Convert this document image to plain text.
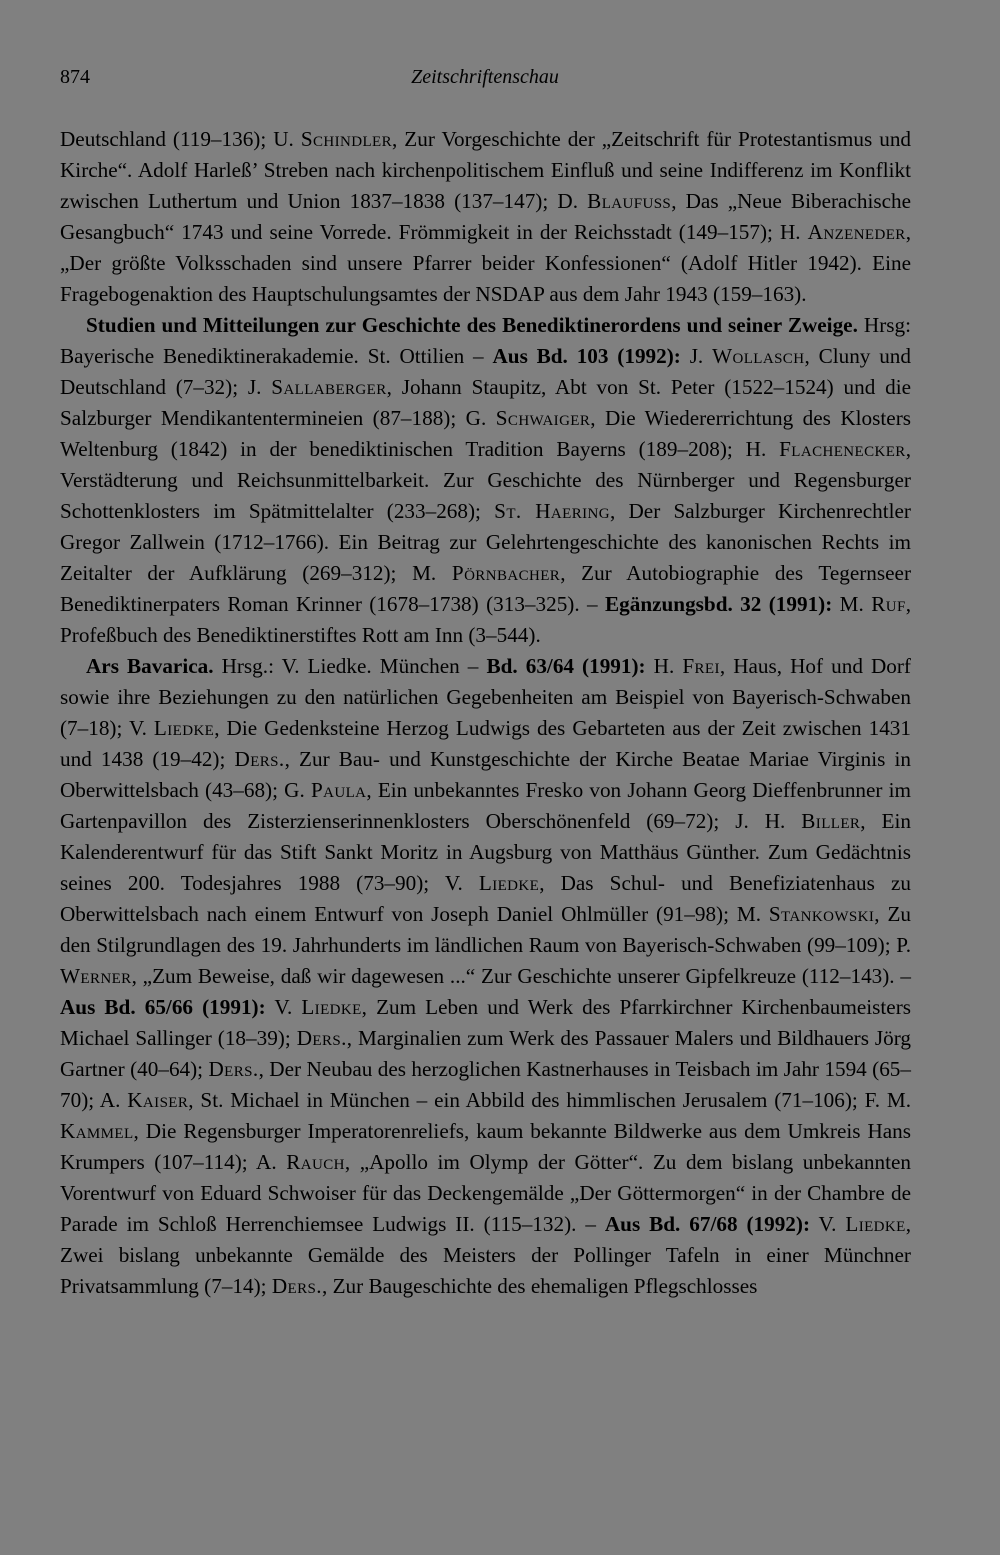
874	Zeitschriftenschau

Deutschland (119–136); U. Schindler, Zur Vorgeschichte der „Zeitschrift für Protestantismus und Kirche“. Adolf Harleß’ Streben nach kirchenpolitischem Einfluß und seine Indifferenz im Konflikt zwischen Luthertum und Union 1837–1838 (137–147); D. Blaufuss, Das „Neue Biberachische Gesangbuch“ 1743 und seine Vorrede. Frömmigkeit in der Reichsstadt (149–157); H. Anzeneder, „Der größte Volksschaden sind unsere Pfarrer beider Konfessionen“ (Adolf Hitler 1942). Eine Fragebogenaktion des Hauptschulungsamtes der NSDAP aus dem Jahr 1943 (159–163).

Studien und Mitteilungen zur Geschichte des Benediktinerordens und seiner Zweige. Hrsg: Bayerische Benediktinerakademie. St. Ottilien – Aus Bd. 103 (1992): J. Wollasch, Cluny und Deutschland (7–32); J. Sallaberger, Johann Staupitz, Abt von St. Peter (1522–1524) und die Salzburger Mendikantentermineien (87–188); G. Schwaiger, Die Wiedererrichtung des Klosters Weltenburg (1842) in der benediktinischen Tradition Bayerns (189–208); H. Flachenecker, Verstädterung und Reichsunmittelbarkeit. Zur Geschichte des Nürnberger und Regensburger Schottenklosters im Spätmittelalter (233–268); St. Haering, Der Salzburger Kirchenrechtler Gregor Zallwein (1712–1766). Ein Beitrag zur Gelehrtengeschichte des kanonischen Rechts im Zeitalter der Aufklärung (269–312); M. Pörnbacher, Zur Autobiographie des Tegernseer Benediktinerpaters Roman Krinner (1678–1738) (313–325). – Egänzungsbd. 32 (1991): M. Ruf, Profeßbuch des Benediktinerstiftes Rott am Inn (3–544).

Ars Bavarica. Hrsg.: V. Liedke. München – Bd. 63/64 (1991): H. Frei, Haus, Hof und Dorf sowie ihre Beziehungen zu den natürlichen Gegebenheiten am Beispiel von Bayerisch-Schwaben (7–18); V. Liedke, Die Gedenksteine Herzog Ludwigs des Gebarteten aus der Zeit zwischen 1431 und 1438 (19–42); Ders., Zur Bau- und Kunstgeschichte der Kirche Beatae Mariae Virginis in Oberwittelsbach (43–68); G. Paula, Ein unbekanntes Fresko von Johann Georg Dieffenbrunner im Gartenpavillon des Zisterzienserinnenklosters Oberschönenfeld (69–72); J. H. Biller, Ein Kalenderentwurf für das Stift Sankt Moritz in Augsburg von Matthäus Günther. Zum Gedächtnis seines 200. Todesjahres 1988 (73–90); V. Liedke, Das Schul- und Benefiziatenhaus zu Oberwittelsbach nach einem Entwurf von Joseph Daniel Ohlmüller (91–98); M. Stankowski, Zu den Stilgrundlagen des 19. Jahrhunderts im ländlichen Raum von Bayerisch-Schwaben (99–109); P. Werner, „Zum Beweise, daß wir dagewesen ...“ Zur Geschichte unserer Gipfelkreuze (112–143). – Aus Bd. 65/66 (1991): V. Liedke, Zum Leben und Werk des Pfarrkirchner Kirchenbaumeisters Michael Sallinger (18–39); Ders., Marginalien zum Werk des Passauer Malers und Bildhauers Jörg Gartner (40–64); Ders., Der Neubau des herzoglichen Kastnerhauses in Teisbach im Jahr 1594 (65–70); A. Kaiser, St. Michael in München – ein Abbild des himmlischen Jerusalem (71–106); F. M. Kammel, Die Regensburger Imperatorenreliefs, kaum bekannte Bildwerke aus dem Umkreis Hans Krumpers (107–114); A. Rauch, „Apollo im Olymp der Götter“. Zu dem bislang unbekannten Vorentwurf von Eduard Schwoiser für das Deckengemälde „Der Göttermorgen“ in der Chambre de Parade im Schloß Herrenchiemsee Ludwigs II. (115–132). – Aus Bd. 67/68 (1992): V. Liedke, Zwei bislang unbekannte Gemälde des Meisters der Pollinger Tafeln in einer Münchner Privatsammlung (7–14); Ders., Zur Baugeschichte des ehemaligen Pflegschlosses
